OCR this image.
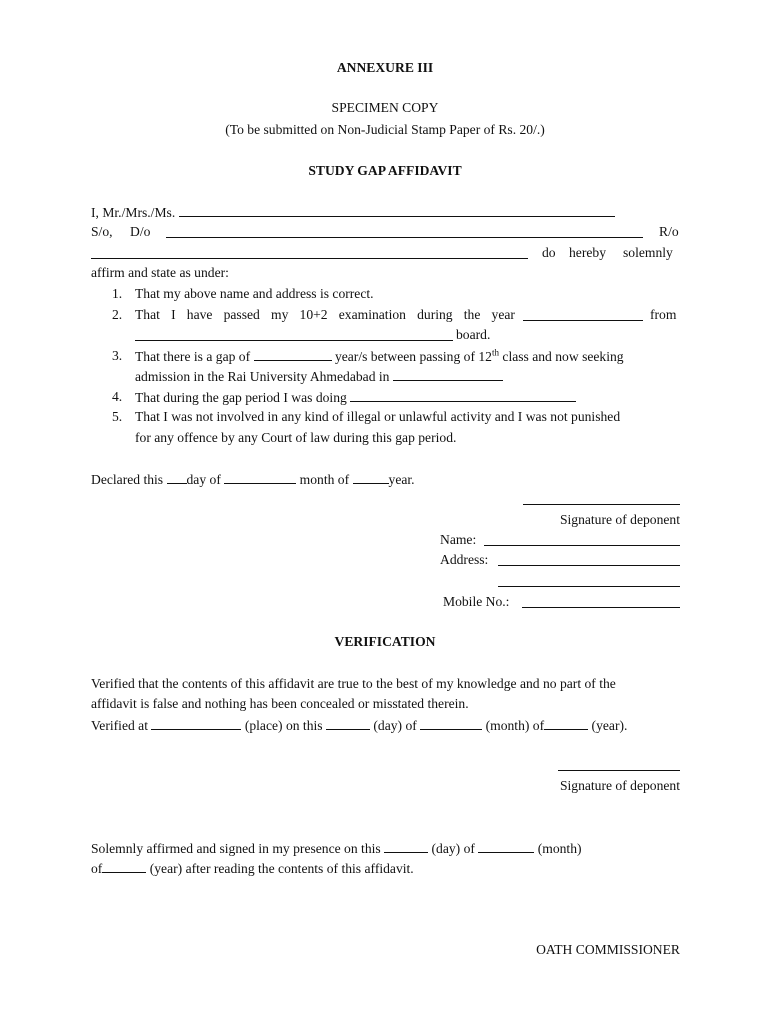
ANNEXURE III
SPECIMEN COPY
(To be submitted on Non-Judicial Stamp Paper of Rs. 20/.)
STUDY GAP AFFIDAVIT
I, Mr./Mrs./Ms.
S/o, D/o	R/o
do hereby solemnly
affirm and state as under:
1. That my above name and address is correct.
2. That I have passed my 10+2 examination during the year	from
board.
3. That there is a gap of	year/s between passing of 12th class and now seeking
admission in the Rai University Ahmedabad in
4. That during the gap period I was doing
5. That I was not involved in any kind of illegal or unlawful activity and I was not punished
for any offence by any Court of law during this gap period.
Declared this day of	month of	year.
Signature of deponent
Name:
Address:
Mobile No.:
VERIFICATION
Verified that the contents of this affidavit are true to the best of my knowledge and no part of the
affidavit is false and nothing has been concealed or misstated therein.
Verified at	(place) on this	(day) of	(month) of	(year).
Signature of deponent
Solemnly affirmed and signed in my presence on this	(day) of	(month)
of	(year) after reading the contents of this affidavit.
OATH COMMISSIONER
